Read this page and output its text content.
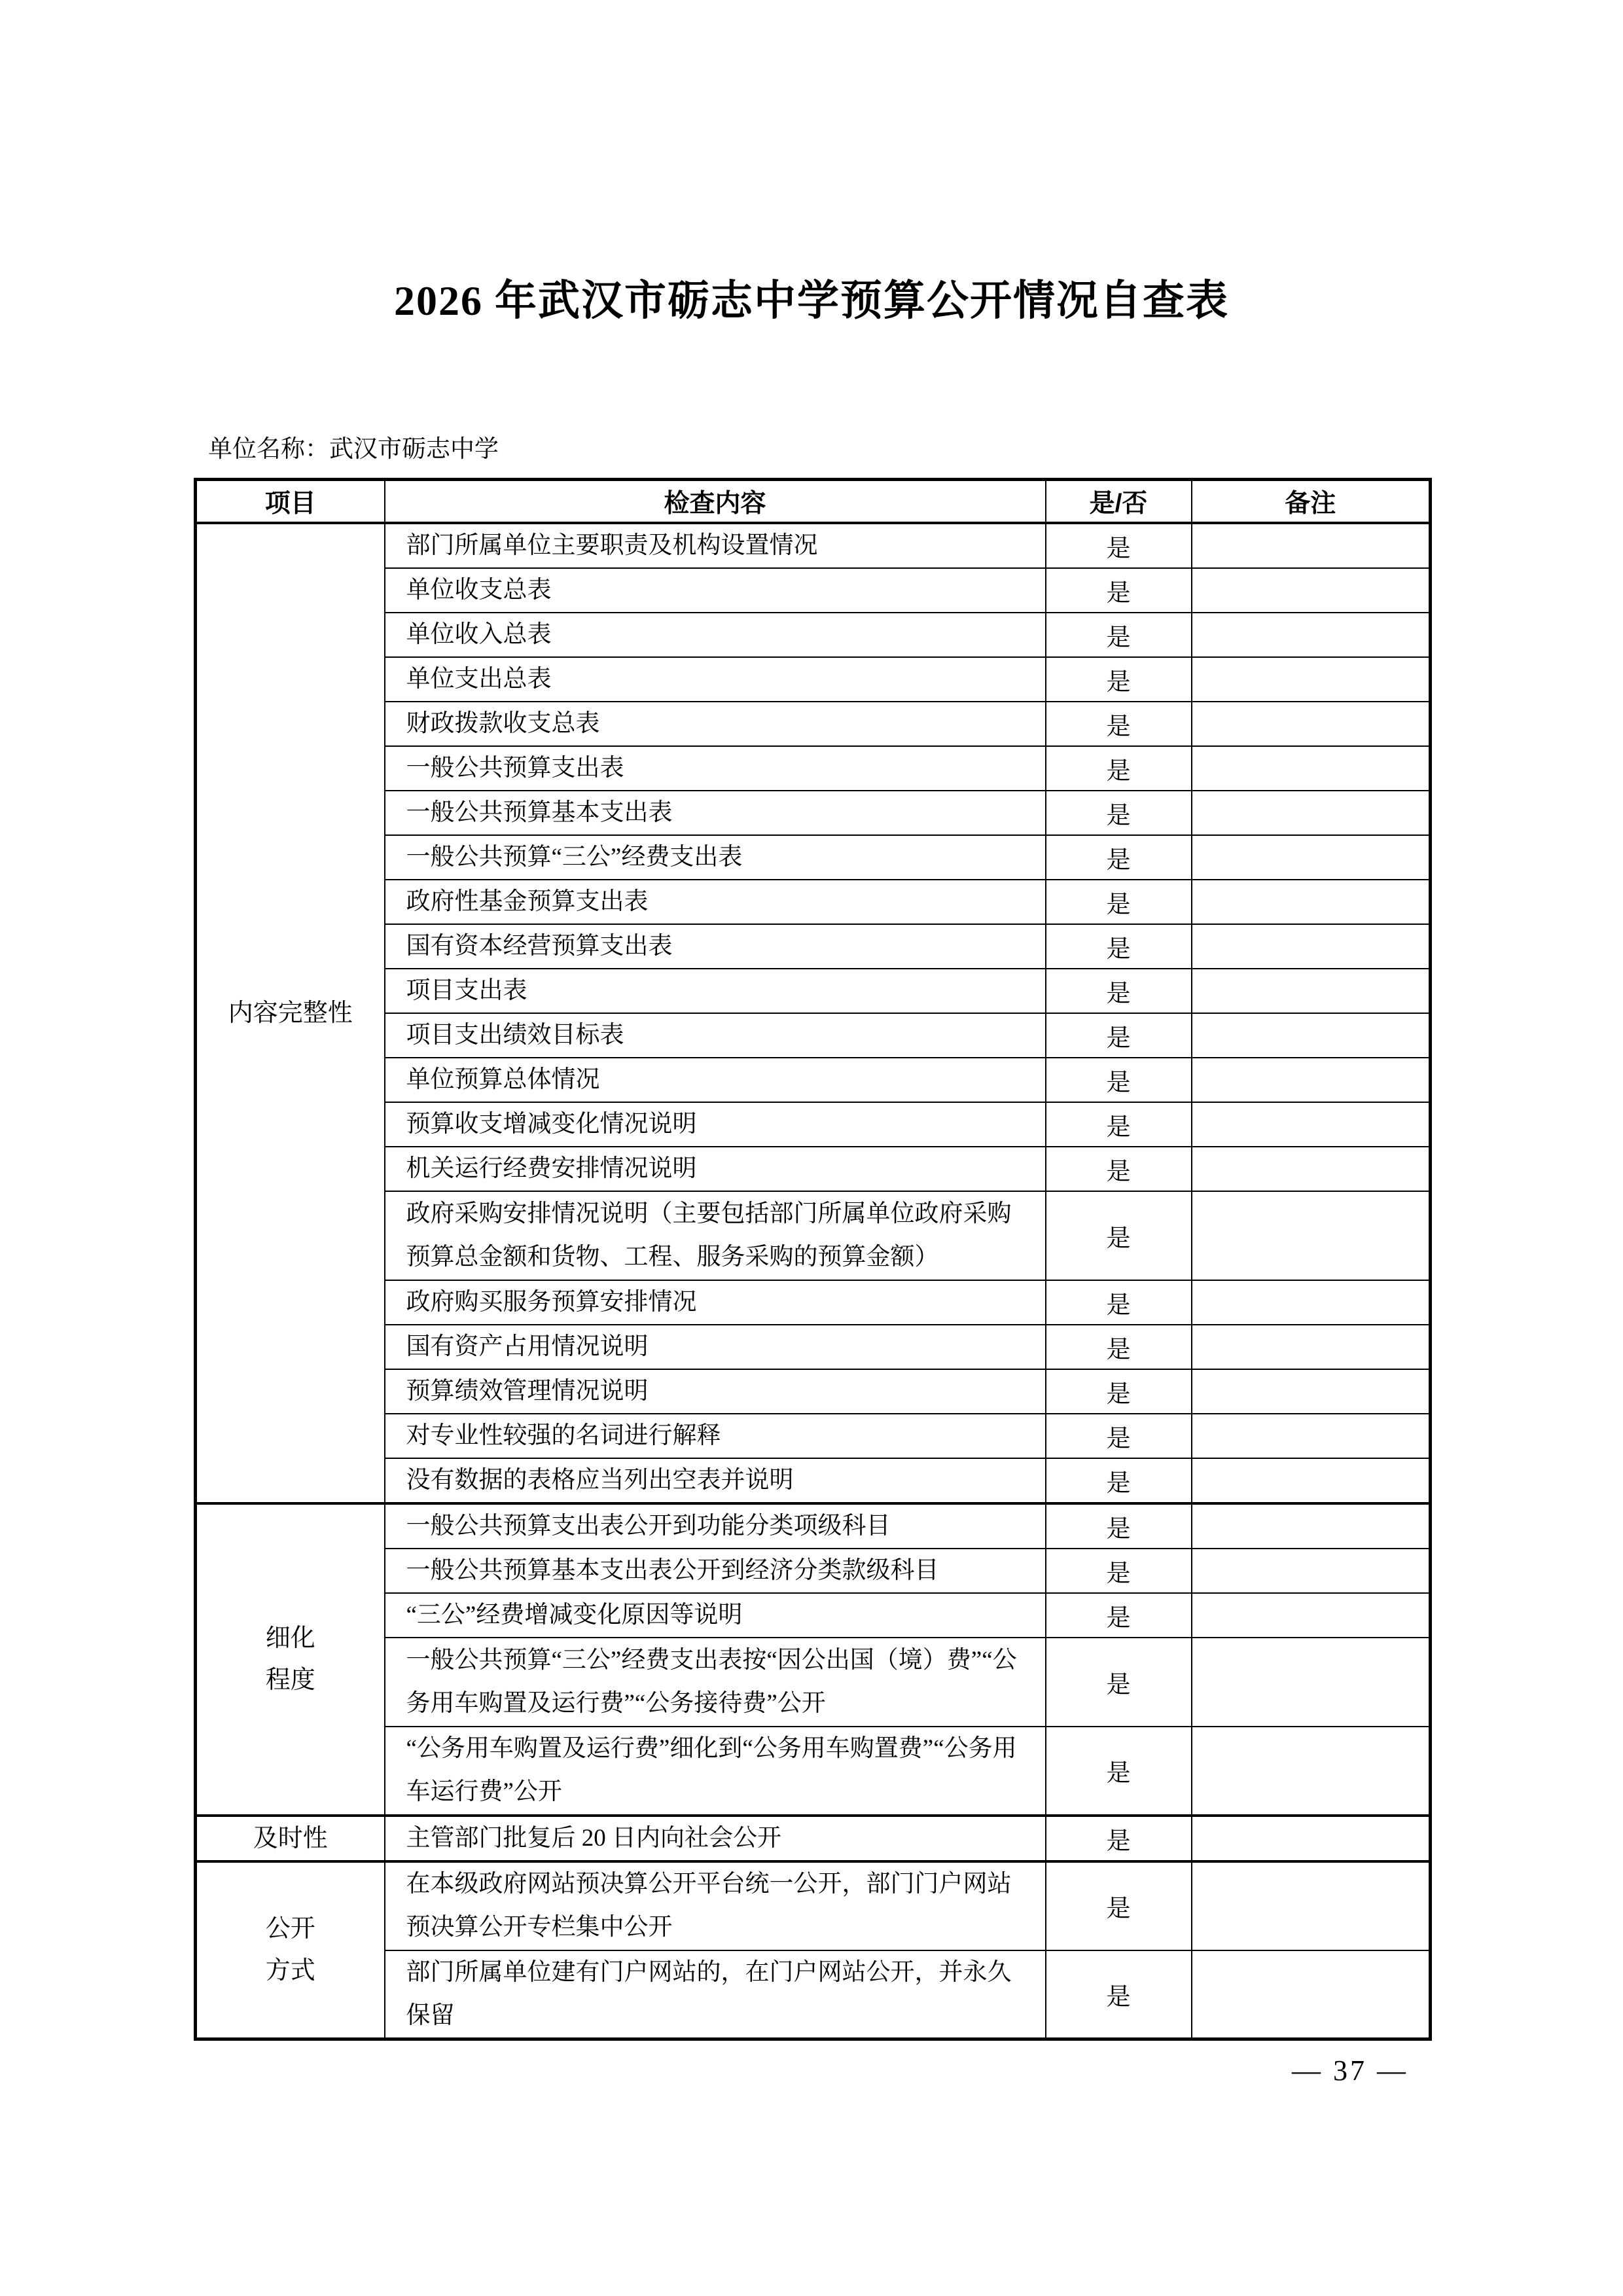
2026 年武汉市砺志中学预算公开情况自查表
单位名称：武汉市砺志中学
项目	检查内容	是/否	备注
内容完整性	部门所属单位主要职责及机构设置情况	是	
	单位收支总表	是	
	单位收入总表	是	
	单位支出总表	是	
	财政拨款收支总表	是	
	一般公共预算支出表	是	
	一般公共预算基本支出表	是	
	一般公共预算“三公”经费支出表	是	
	政府性基金预算支出表	是	
	国有资本经营预算支出表	是	
	项目支出表	是	
	项目支出绩效目标表	是	
	单位预算总体情况	是	
	预算收支增减变化情况说明	是	
	机关运行经费安排情况说明	是	
	政府采购安排情况说明（主要包括部门所属单位政府采购预算总金额和货物、工程、服务采购的预算金额）	是	
	政府购买服务预算安排情况	是	
	国有资产占用情况说明	是	
	预算绩效管理情况说明	是	
	对专业性较强的名词进行解释	是	
	没有数据的表格应当列出空表并说明	是	
细化
程度	一般公共预算支出表公开到功能分类项级科目	是	
	一般公共预算基本支出表公开到经济分类款级科目	是	
	“三公”经费增减变化原因等说明	是	
	一般公共预算“三公”经费支出表按“因公出国（境）费”“公务用车购置及运行费”“公务接待费”公开	是	
	“公务用车购置及运行费”细化到“公务用车购置费”“公务用车运行费”公开	是	
及时性	主管部门批复后 20 日内向社会公开	是	
公开
方式	在本级政府网站预决算公开平台统一公开，部门门户网站预决算公开专栏集中公开	是	
	部门所属单位建有门户网站的，在门户网站公开，并永久保留	是	
— 37 —
